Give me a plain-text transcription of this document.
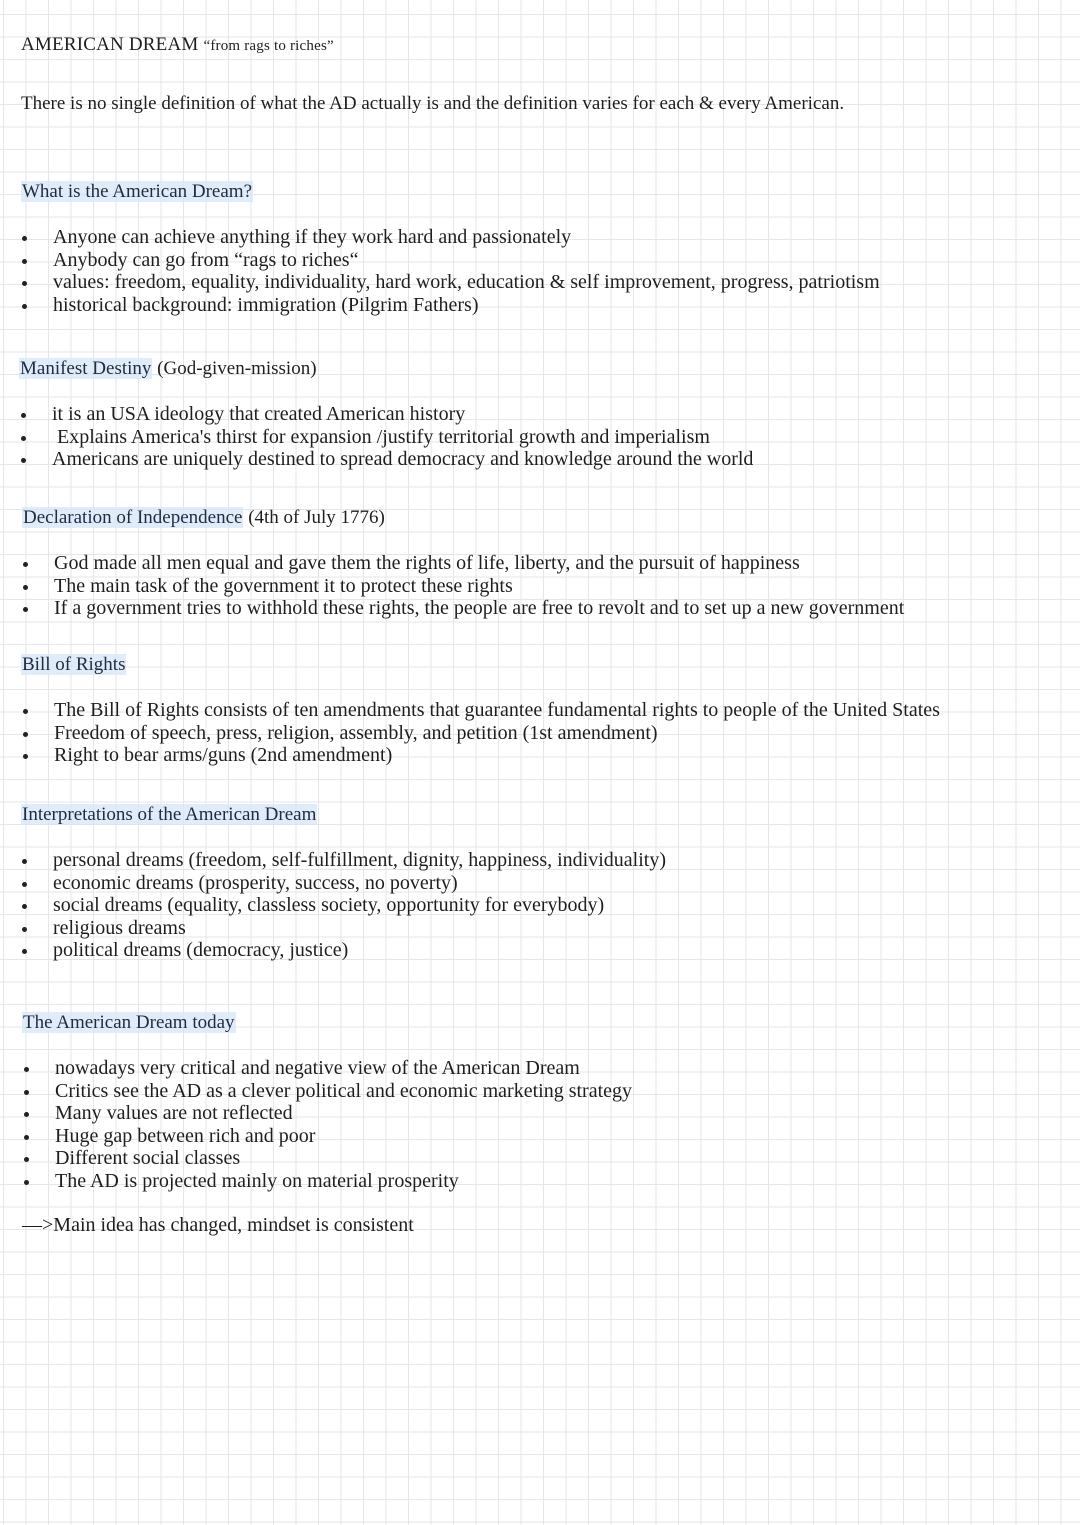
AMERICAN DREAM “from rags to riches”

There is no single definition of what the AD actually is and the definition varies for each & every American.

What is the American Dream?
Anyone can achieve anything if they work hard and passionately
Anybody can go from “rags to riches“
values: freedom, equality, individuality, hard work, education & self improvement, progress, patriotism
historical background: immigration (Pilgrim Fathers)
Manifest Destiny (God-given-mission)
it is an USA ideology that created American history
Explains America's thirst for expansion /justify territorial growth and imperialism
Americans are uniquely destined to spread democracy and knowledge around the world
Declaration of Independence (4th of July 1776)
God made all men equal and gave them the rights of life, liberty, and the pursuit of happiness
The main task of the government it to protect these rights
If a government tries to withhold these rights, the people are free to revolt and to set up a new government
Bill of Rights
The Bill of Rights consists of ten amendments that guarantee fundamental rights to people of the United States
Freedom of speech, press, religion, assembly, and petition (1st amendment)
Right to bear arms/guns (2nd amendment)
Interpretations of the American Dream
personal dreams (freedom, self-fulfillment, dignity, happiness, individuality)
economic dreams (prosperity, success, no poverty)
social dreams (equality, classless society, opportunity for everybody)
religious dreams
political dreams (democracy, justice)
The American Dream today
nowadays very critical and negative view of the American Dream
Critics see the AD as a clever political and economic marketing strategy
Many values are not reflected
Huge gap between rich and poor
Different social classes
The AD is projected mainly on material prosperity

—>Main idea has changed, mindset is consistent
